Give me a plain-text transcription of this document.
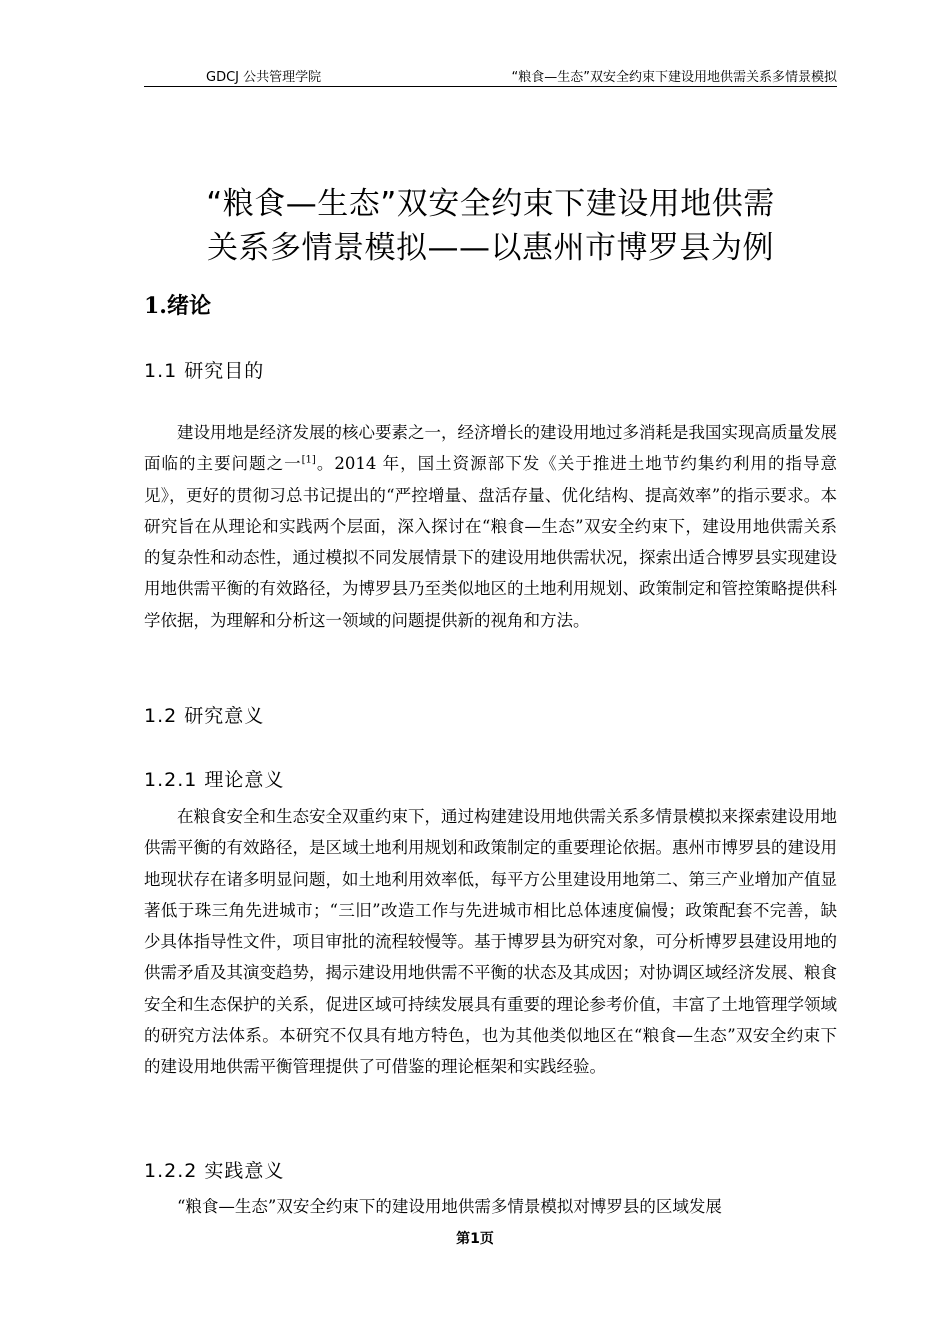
GDCJ 公共管理学院	“粮食—生态”双安全约束下建设用地供需关系多情景模拟
“粮食—生态”双安全约束下建设用地供需
关系多情景模拟——以惠州市博罗县为例
1.绪论
1.1 研究目的

建设用地是经济发展的核心要素之一，经济增长的建设用地过多消耗是我国实现高质量发展面临的主要问题之一[1]。2014 年，国土资源部下发《关于推进土地节约集约利用的指导意见》，更好的贯彻习总书记提出的“严控增量、盘活存量、优化结构、提高效率”的指示要求。本研究旨在从理论和实践两个层面，深入探讨在“粮食—生态”双安全约束下，建设用地供需关系的复杂性和动态性，通过模拟不同发展情景下的建设用地供需状况，探索出适合博罗县实现建设用地供需平衡的有效路径，为博罗县乃至类似地区的土地利用规划、政策制定和管控策略提供科学依据，为理解和分析这一领域的问题提供新的视角和方法。

1.2 研究意义
1.2.1 理论意义

在粮食安全和生态安全双重约束下，通过构建建设用地供需关系多情景模拟来探索建设用地供需平衡的有效路径，是区域土地利用规划和政策制定的重要理论依据。惠州市博罗县的建设用地现状存在诸多明显问题，如土地利用效率低，每平方公里建设用地第二、第三产业增加产值显著低于珠三角先进城市；“三旧”改造工作与先进城市相比总体速度偏慢；政策配套不完善，缺少具体指导性文件，项目审批的流程较慢等。基于博罗县为研究对象，可分析博罗县建设用地的供需矛盾及其演变趋势，揭示建设用地供需不平衡的状态及其成因；对协调区域经济发展、粮食安全和生态保护的关系，促进区域可持续发展具有重要的理论参考价值，丰富了土地管理学领域的研究方法体系。本研究不仅具有地方特色，也为其他类似地区在“粮食—生态”双安全约束下的建设用地供需平衡管理提供了可借鉴的理论框架和实践经验。

1.2.2 实践意义

“粮食—生态”双安全约束下的建设用地供需多情景模拟对博罗县的区域发展

第1页
